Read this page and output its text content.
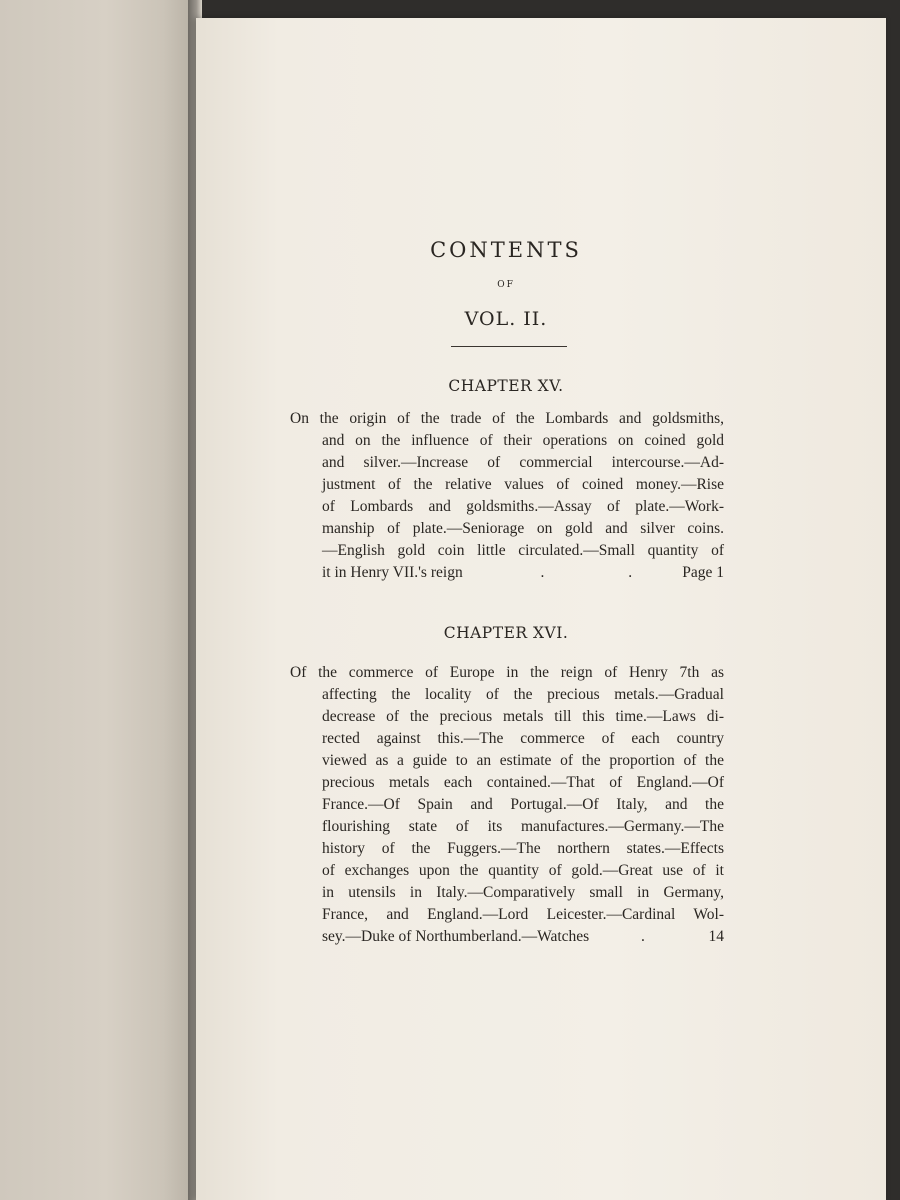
CONTENTS
OF
VOL. II.
CHAPTER XV.
On the origin of the trade of the Lombards and goldsmiths,
and on the influence of their operations on coined gold
and silver.—Increase of commercial intercourse.—Ad-
justment of the relative values of coined money.—Rise
of Lombards and goldsmiths.—Assay of plate.—Work-
manship of plate.—Seniorage on gold and silver coins.
—English gold coin little circulated.—Small quantity of
it in Henry VII.'s reign	. . Page 1
CHAPTER XVI.
Of the commerce of Europe in the reign of Henry 7th as
affecting the locality of the precious metals.—Gradual
decrease of the precious metals till this time.—Laws di-
rected against this.—The commerce of each country
viewed as a guide to an estimate of the proportion of the
precious metals each contained.—That of England.—Of
France.—Of Spain and Portugal.—Of Italy, and the
flourishing state of its manufactures.—Germany.—The
history of the Fuggers.—The northern states.—Effects
of exchanges upon the quantity of gold.—Great use of it
in utensils in Italy.—Comparatively small in Germany,
France, and England.—Lord Leicester.—Cardinal Wol-
sey.—Duke of Northumberland.—Watches	.	14
